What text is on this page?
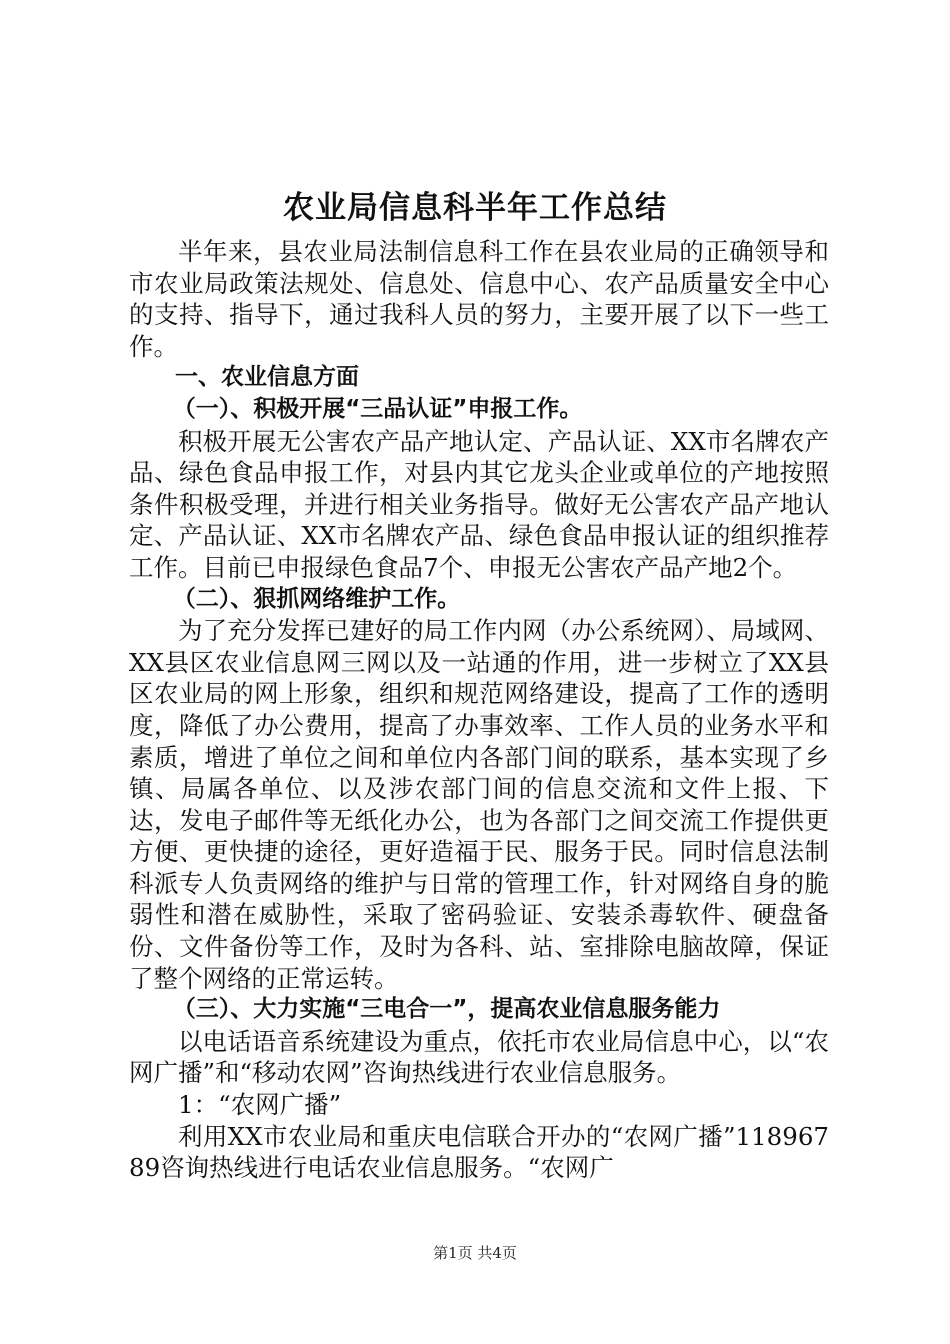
农业局信息科半年工作总结

半年来，县农业局法制信息科工作在县农业局的正确领导和市农业局政策法规处、信息处、信息中心、农产品质量安全中心的支持、指导下，通过我科人员的努力，主要开展了以下一些工作。

一、农业信息方面

（一）、积极开展“三品认证”申报工作。

积极开展无公害农产品产地认定、产品认证、XX市名牌农产品、绿色食品申报工作，对县内其它龙头企业或单位的产地按照条件积极受理，并进行相关业务指导。做好无公害农产品产地认定、产品认证、XX市名牌农产品、绿色食品申报认证的组织推荐工作。目前已申报绿色食品7个、申报无公害农产品产地2个。

（二）、狠抓网络维护工作。

为了充分发挥已建好的局工作内网（办公系统网）、局域网、XX县区农业信息网三网以及一站通的作用，进一步树立了XX县区农业局的网上形象，组织和规范网络建设，提高了工作的透明度，降低了办公费用，提高了办事效率、工作人员的业务水平和素质，增进了单位之间和单位内各部门间的联系，基本实现了乡镇、局属各单位、以及涉农部门间的信息交流和文件上报、下达，发电子邮件等无纸化办公，也为各部门之间交流工作提供更方便、更快捷的途径，更好造福于民、服务于民。同时信息法制科派专人负责网络的维护与日常的管理工作，针对网络自身的脆弱性和潜在威胁性，采取了密码验证、安装杀毒软件、硬盘备份、文件备份等工作，及时为各科、站、室排除电脑故障，保证了整个网络的正常运转。

（三）、大力实施“三电合一”，提高农业信息服务能力

以电话语音系统建设为重点，依托市农业局信息中心，以“农网广播”和“移动农网”咨询热线进行农业信息服务。

1：“农网广播”

利用XX市农业局和重庆电信联合开办的“农网广播”11896789咨询热线进行电话农业信息服务。“农网广

第1页 共4页
